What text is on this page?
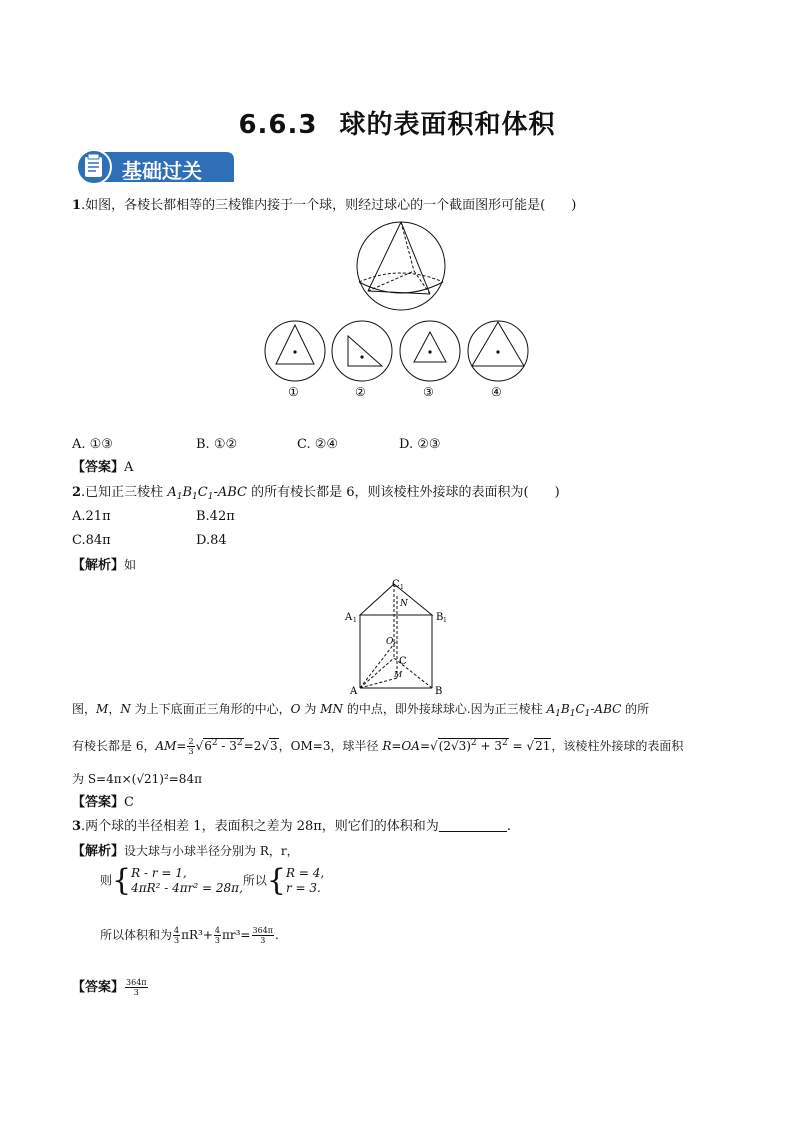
6.6.3 球的表面积和体积
基础过关
1.如图，各棱长都相等的三棱锥内接于一个球，则经过球心的一个截面图形可能是(　　)
①	②	③	④
A. ①③	B. ①②	C. ②④	D. ②③
【答案】A
2.已知正三棱柱 $A_1B_1C_1$-ABC 的所有棱长都是 6，则该棱柱外接球的表面积为(　　)
A.21π	B.42π
C.84π	D.84
【解析】如
C 1
A 1	B 1
N
O
C
M
A	B
图，M，N 为上下底面正三角形的中心，O 为 MN 的中点，即外接球球心.因为正三棱柱 $A_1B_1C_1$-ABC 的所
有棱长都是 6，$AM= \frac{2}{3} √6^2 - 3^2=2√3$，OM=3，球半径 $R=OA=√(2√3)^2 + 3^2 = √21$，该棱柱外接球的表面积
为 S=4π×(√21)²=84π
【答案】C
3.两个球的半径相差 1，表面积之差为 28π，则它们的体积和为	.
【解析】设大球与小球半径分别为 R，r，
则{R - r = 1,
4πR² - 4πr² = 28π,所以{R = 4,
r = 3.
所以体积和为 $\frac{4}{3} \pi R^3+ \frac{4}{3} \pi r^3= \frac{364\pi}{3}$ .
【答案】 $\frac{364\pi}{3}$
